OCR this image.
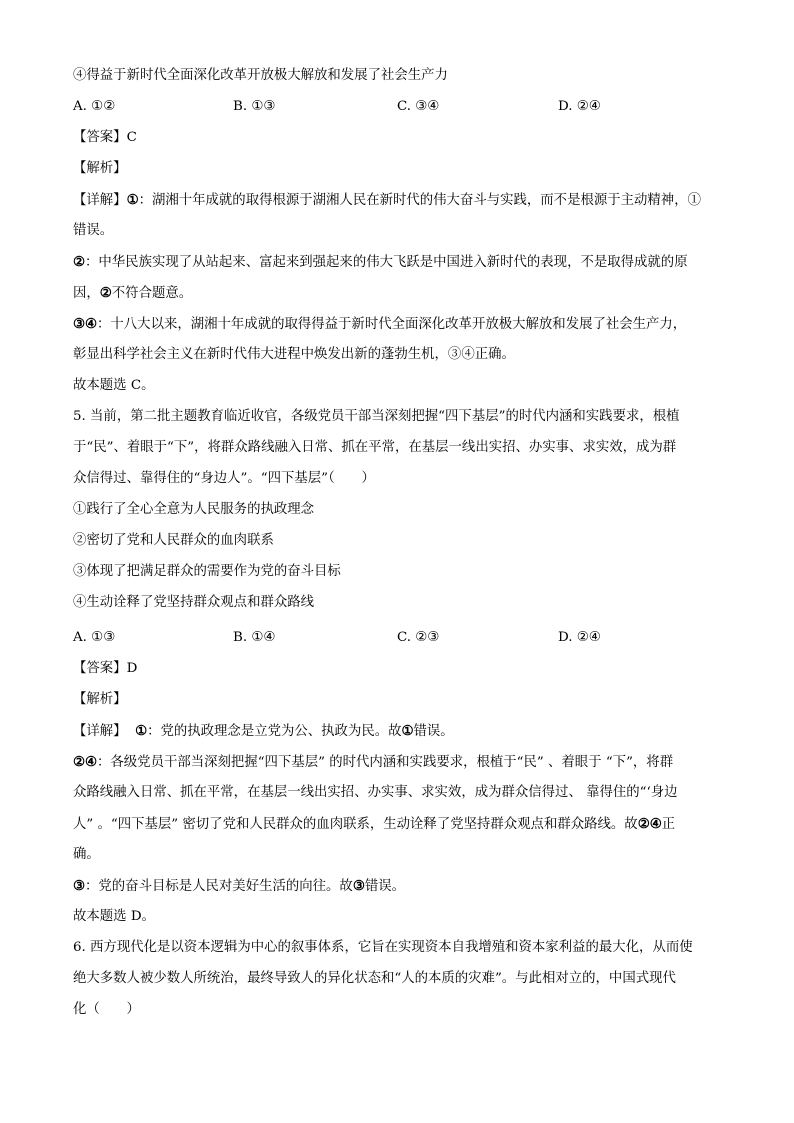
④得益于新时代全面深化改革开放极大解放和发展了社会生产力
A. ①②	B. ①③	C. ③④	D. ②④
【答案】C
【解析】
【详解】①：湖湘十年成就的取得根源于湖湘人民在新时代的伟大奋斗与实践，而不是根源于主动精神，①
错误。
②：中华民族实现了从站起来、富起来到强起来的伟大飞跃是中国进入新时代的表现，不是取得成就的原
因，②不符合题意。
③④：十八大以来，湖湘十年成就的取得得益于新时代全面深化改革开放极大解放和发展了社会生产力，
彰显出科学社会主义在新时代伟大进程中焕发出新的蓬勃生机，③④正确。
故本题选 C。
5. 当前，第二批主题教育临近收官，各级党员干部当深刻把握“四下基层”的时代内涵和实践要求，根植
于“民”、着眼于“下”，将群众路线融入日常、抓在平常，在基层一线出实招、办实事、求实效，成为群
众信得过、靠得住的“身边人”。“四下基层”（　　）
①践行了全心全意为人民服务的执政理念
②密切了党和人民群众的血肉联系
③体现了把满足群众的需要作为党的奋斗目标
④生动诠释了党坚持群众观点和群众路线
A. ①③	B. ①④	C. ②③	D. ②④
【答案】D
【解析】
【详解】 ①：党的执政理念是立党为公、执政为民。故①错误。
②④：各级党员干部当深刻把握“四下基层” 的时代内涵和实践要求，根植于“民” 、着眼于 “下”，将群
众路线融入日常、抓在平常，在基层一线出实招、办实事、求实效，成为群众信得过、 靠得住的“‘身边
人” 。“四下基层” 密切了党和人民群众的血肉联系，生动诠释了党坚持群众观点和群众路线。故②④正
确。
③：党的奋斗目标是人民对美好生活的向往。故③错误。
故本题选 D。
6. 西方现代化是以资本逻辑为中心的叙事体系，它旨在实现资本自我增殖和资本家利益的最大化，从而使
绝大多数人被少数人所统治，最终导致人的异化状态和“人的本质的灾难”。与此相对立的，中国式现代
化（　　）
